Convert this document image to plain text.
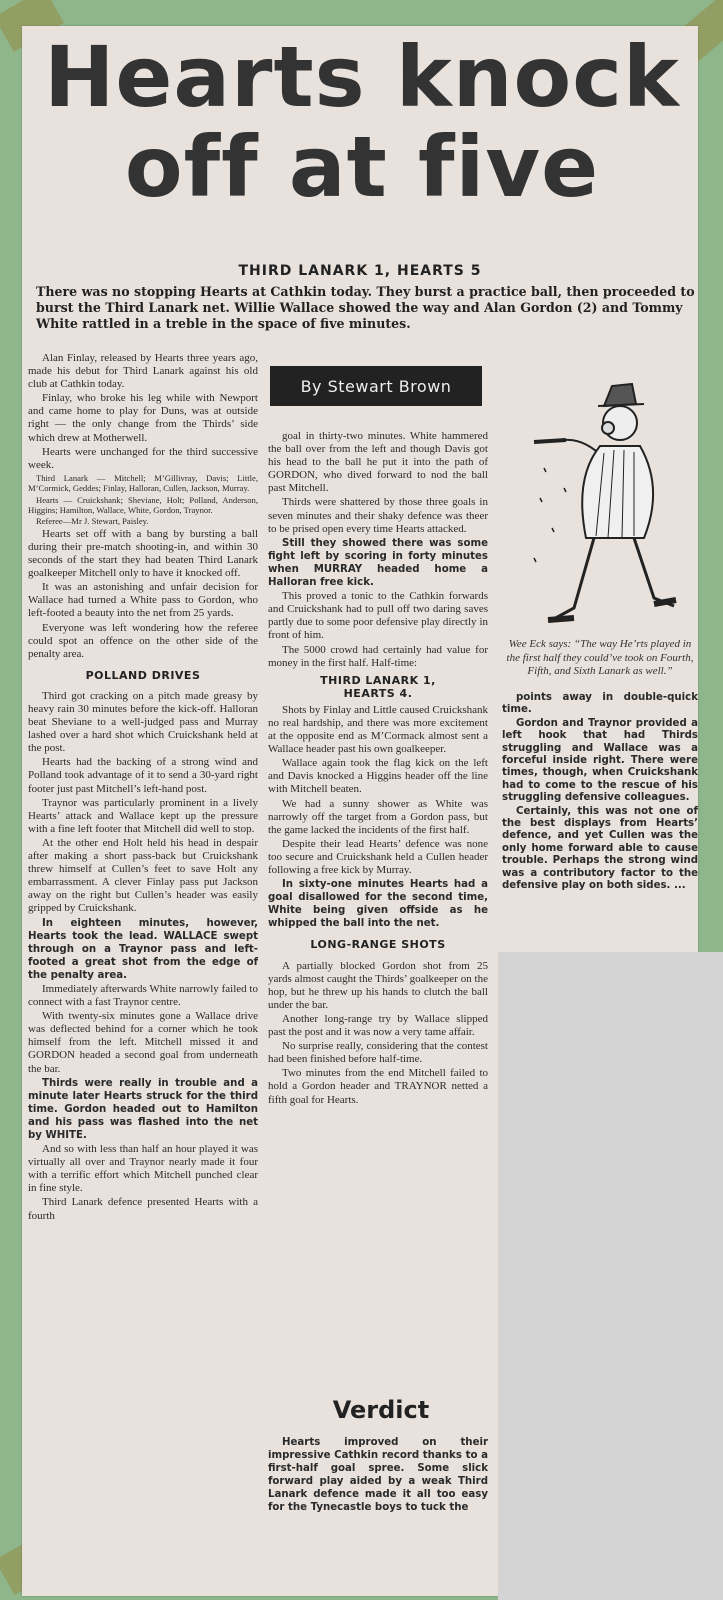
Hearts knock
off at five
THIRD LANARK 1, HEARTS 5

There was no stopping Hearts at Cathkin today. They burst a practice ball, then proceeded to burst the Third Lanark net. Willie Wallace showed the way and Alan Gordon (2) and Tommy White rattled in a treble in the space of five minutes.

By Stewart Brown

Wee Eck says: “The way He’rts played in the first half they could’ve took on Fourth, Fifth, and Sixth Lanark as well.”

Alan Finlay, released by Hearts three years ago, made his debut for Third Lanark against his old club at Cathkin today.

Finlay, who broke his leg while with Newport and came home to play for Duns, was at outside right — the only change from the Thirds’ side which drew at Motherwell.

Hearts were unchanged for the third successive week.

Third Lanark — Mitchell; M’Gillivray, Davis; Little, M’Cormick, Geddes; Finlay, Halloran, Cullen, Jackson, Murray.

Hearts — Cruickshank; Sheviane, Holt; Polland, Anderson, Higgins; Hamilton, Wallace, White, Gordon, Traynor.

Referee—Mr J. Stewart, Paisley.

Hearts set off with a bang by bursting a ball during their pre-match shooting-in, and within 30 seconds of the start they had beaten Third Lanark goalkeeper Mitchell only to have it knocked off.

It was an astonishing and unfair decision for Wallace had turned a White pass to Gordon, who left-footed a beauty into the net from 25 yards.

Everyone was left wondering how the referee could spot an offence on the other side of the penalty area.

POLLAND DRIVES

Third got cracking on a pitch made greasy by heavy rain 30 minutes before the kick-off. Halloran beat Sheviane to a well-judged pass and Murray lashed over a hard shot which Cruickshank held at the post.

Hearts had the backing of a strong wind and Polland took advantage of it to send a 30-yard right footer just past Mitchell’s left-hand post.

Traynor was particularly prominent in a lively Hearts’ attack and Wallace kept up the pressure with a fine left footer that Mitchell did well to stop.

At the other end Holt held his head in despair after making a short pass-back but Cruickshank threw himself at Cullen’s feet to save Holt any embarrassment. A clever Finlay pass put Jackson away on the right but Cullen’s header was easily gripped by Cruickshank.

In eighteen minutes, however, Hearts took the lead. WALLACE swept through on a Traynor pass and left-footed a great shot from the edge of the penalty area.

Immediately afterwards White narrowly failed to connect with a fast Traynor centre.

With twenty-six minutes gone a Wallace drive was deflected behind for a corner which he took himself from the left. Mitchell missed it and GORDON headed a second goal from underneath the bar.

Thirds were really in trouble and a minute later Hearts struck for the third time. Gordon headed out to Hamilton and his pass was flashed into the net by WHITE.

And so with less than half an hour played it was virtually all over and Traynor nearly made it four with a terrific effort which Mitchell punched clear in fine style.

Third Lanark defence presented Hearts with a fourth

goal in thirty-two minutes. White hammered the ball over from the left and though Davis got his head to the ball he put it into the path of GORDON, who dived forward to nod the ball past Mitchell.

Thirds were shattered by those three goals in seven minutes and their shaky defence was theer to be prised open every time Hearts attacked.

Still they showed there was some fight left by scoring in forty minutes when MURRAY headed home a Halloran free kick.

This proved a tonic to the Cathkin forwards and Cruickshank had to pull off two daring saves partly due to some poor defensive play directly in front of him.

The 5000 crowd had certainly had value for money in the first half. Half-time:

THIRD LANARK 1,
HEARTS 4.

Shots by Finlay and Little caused Cruickshank no real hardship, and there was more excitement at the opposite end as M’Cormack almost sent a Wallace header past his own goalkeeper.

Wallace again took the flag kick on the left and Davis knocked a Higgins header off the line with Mitchell beaten.

We had a sunny shower as White was narrowly off the target from a Gordon pass, but the game lacked the incidents of the first half.

Despite their lead Hearts’ defence was none too secure and Cruickshank held a Cullen header following a free kick by Murray.

In sixty-one minutes Hearts had a goal disallowed for the second time, White being given offside as he whipped the ball into the net.

LONG-RANGE SHOTS

A partially blocked Gordon shot from 25 yards almost caught the Thirds’ goalkeeper on the hop, but he threw up his hands to clutch the ball under the bar.

Another long-range try by Wallace slipped past the post and it was now a very tame affair.

No surprise really, considering that the contest had been finished before half-time.

Two minutes from the end Mitchell failed to hold a Gordon header and TRAYNOR netted a fifth goal for Hearts.

Verdict

Hearts improved on their impressive Cathkin record thanks to a first-half goal spree. Some slick forward play aided by a weak Third Lanark defence made it all too easy for the Tynecastle boys to tuck the

points away in double-quick time.

Gordon and Traynor provided a left hook that had Thirds struggling and Wallace was a forceful inside right. There were times, though, when Cruickshank had to come to the rescue of his struggling defensive colleagues.

Certainly, this was not one of the best displays from Hearts’ defence, and yet Cullen was the only home forward able to cause trouble. Perhaps the strong wind was a contributory factor to the defensive play on both sides. ...
